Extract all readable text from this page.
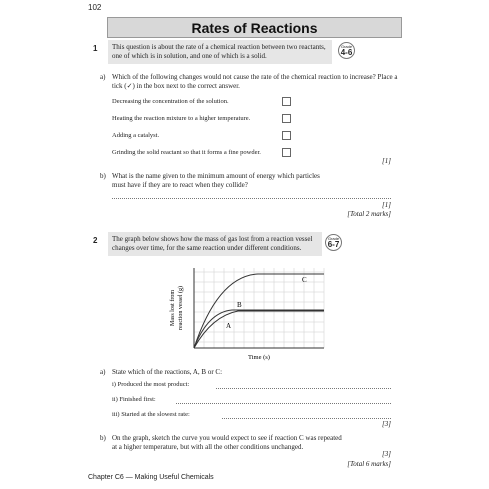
102
Rates of Reactions
1	This question is about the rate of a chemical reaction between two reactants, one of which is in solution, and one of which is a solid.
Grade
4-6
a) Which of the following changes would not cause the rate of the chemical reaction to increase? Place a tick (✓) in the box next to the correct answer.
Decreasing the concentration of the solution.
Heating the reaction mixture to a higher temperature.
Adding a catalyst.
Grinding the solid reactant so that it forms a fine powder.
[1]
b) What is the name given to the minimum amount of energy which particles must have if they are to react when they collide?
[1]
[Total 2 marks]
2	The graph below shows how the mass of gas lost from a reaction vessel changes over time, for the same reaction under different conditions.
Grade
6-7
A
B
C
Mass lost from reaction vessel (g)
Time (s)
a) State which of the reactions, A, B or C:
i) Produced the most product:
ii) Finished first:
iii) Started at the slowest rate:
[3]
b) On the graph, sketch the curve you would expect to see if reaction C was repeated at a higher temperature, but with all the other conditions unchanged.
[3]
[Total 6 marks]
Chapter C6 — Making Useful Chemicals
